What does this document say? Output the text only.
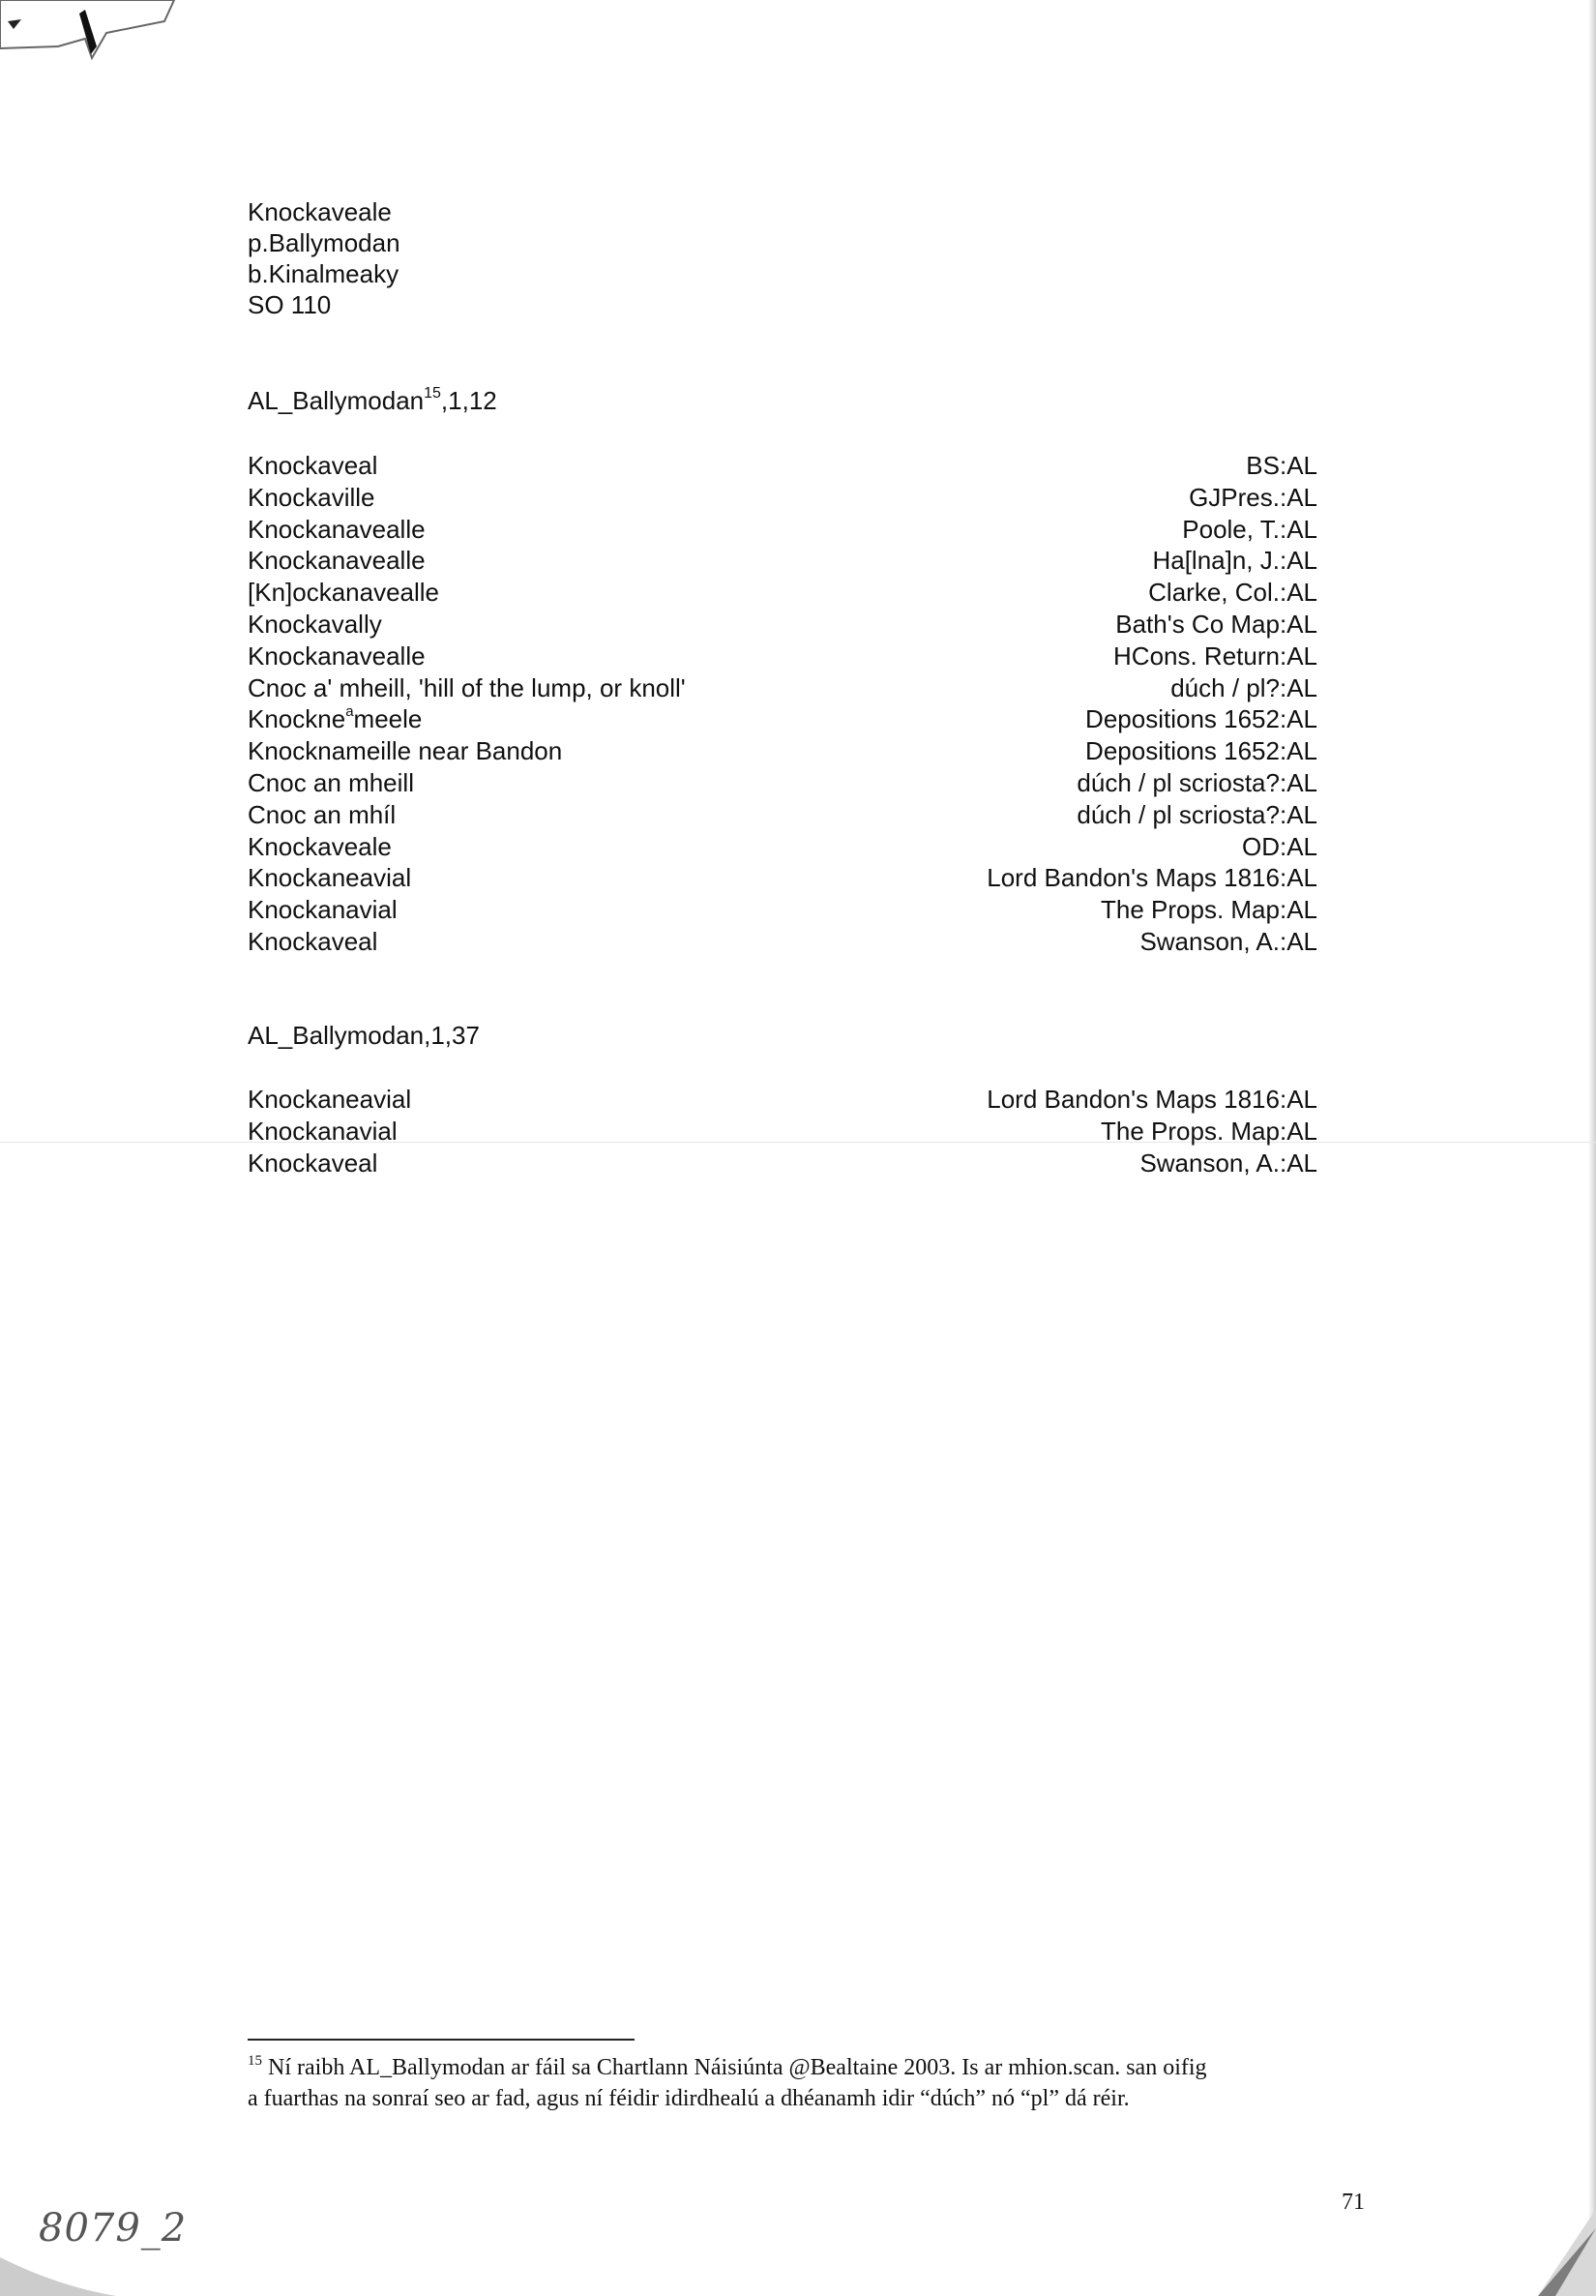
Knockaveale
p.Ballymodan
b.Kinalmeaky
SO 110
AL_Ballymodan$^{15}$,1,12
Knockaveal	BS:AL
Knockaville	GJPres.:AL
Knockanavealle	Poole, T.:AL
Knockanavealle	Ha[lna]n, J.:AL
[Kn]ockanavealle	Clarke, Col.:AL
Knockavally	Bath's Co Map:AL
Knockanavealle	HCons. Return:AL
Cnoc a' mheill, 'hill of the lump, or knoll'	dúch / pl?:AL
Knockne$^a$meele	Depositions 1652:AL
Knocknameille near Bandon	Depositions 1652:AL
Cnoc an mheill	dúch / pl scriosta?:AL
Cnoc an mhíl	dúch / pl scriosta?:AL
Knockaveale	OD:AL
Knockaneavial	Lord Bandon's Maps 1816:AL
Knockanavial	The Props. Map:AL
Knockaveal	Swanson, A.:AL
AL_Ballymodan,1,37
Knockaneavial	Lord Bandon's Maps 1816:AL
Knockanavial	The Props. Map:AL
Knockaveal	Swanson, A.:AL
$^{15}$ Ní raibh AL_Ballymodan ar fáil sa Chartlann Náisiúnta @Bealtaine 2003. Is ar mhion.scan. san oifig
a fuarthas na sonraí seo ar fad, agus ní féidir idirdhealú a dhéanamh idir “dúch” nó “pl” dá réir.
71
8079_2
